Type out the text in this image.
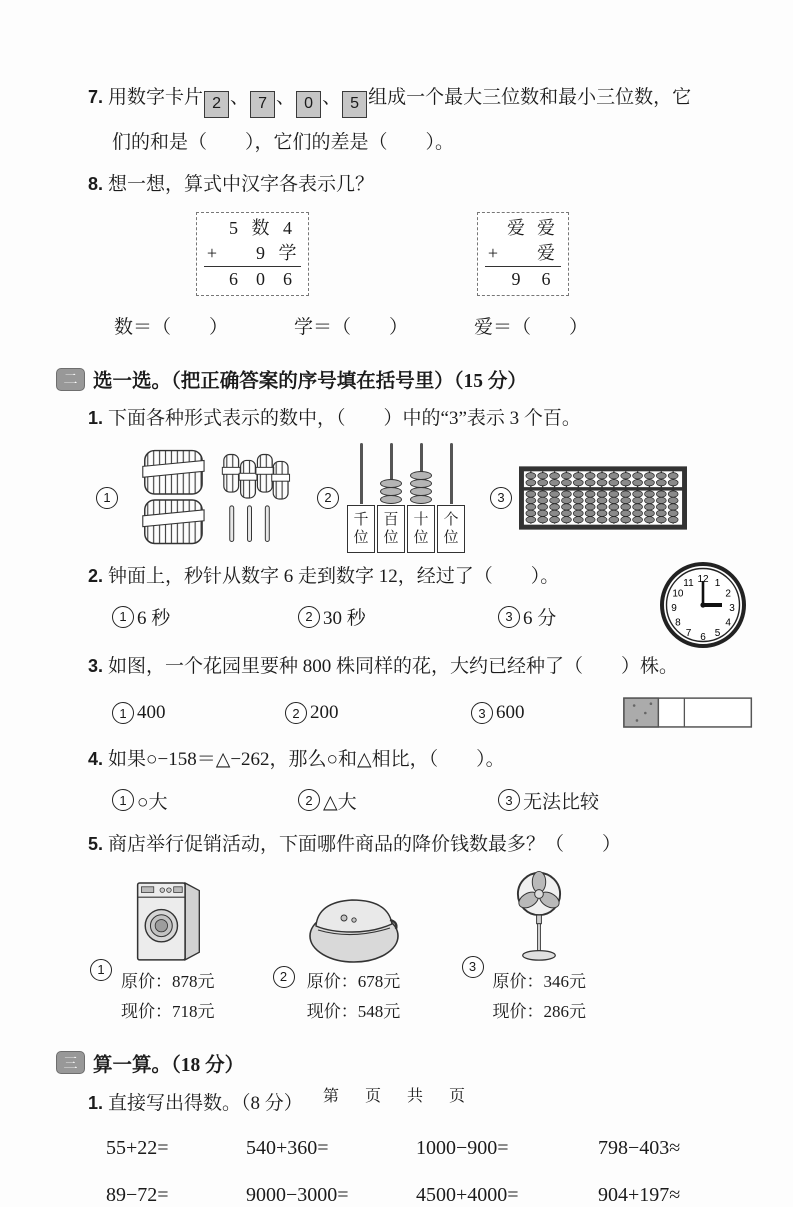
7. 用数字卡片 2 、 7 、 0 、 5 组成一个最大三位数和最小三位数，它
们的和是（　　），它们的差是（　　）。
8. 想一想，算式中汉字各表示几？
5 数 4
+	9 学
6	0	6
爱 爱
+	爱
9	6
数＝（　　）	学＝（　　）	爱＝（　　）
二 选一选。（把正确答案的序号填在括号里）（15 分）
1. 下面各种形式表示的数中，（　　）中的“3”表示 3 个百。
1	2
千位
百位
十位
个位
3
2. 钟面上，秒针从数字 6 走到数字 12，经过了（　　）。
1 6 秒	2 30 秒	3 6 分
12 1
2
3
4
5
6
7
8
9
10
11
3. 如图，一个花园里要种 800 株同样的花，大约已经种了（　　）株。
1 400	2 200	3 600
4. 如果○−158＝△−262，那么○和△相比，（　　）。
1 ○大	2 △大	3 无法比较
5. 商店举行促销活动，下面哪件商品的降价钱数最多？（　　）
1
原价：878元
现价：718元
2	原价：678元
现价：548元
3
原价：346元
现价：286元
三 算一算。（18 分）
1. 直接写出得数。（8 分）
55+22=	540+360=	1000−900=	798−403≈
89−72=	9000−3000=	4500+4000=	904+197≈
第　页　共　页
